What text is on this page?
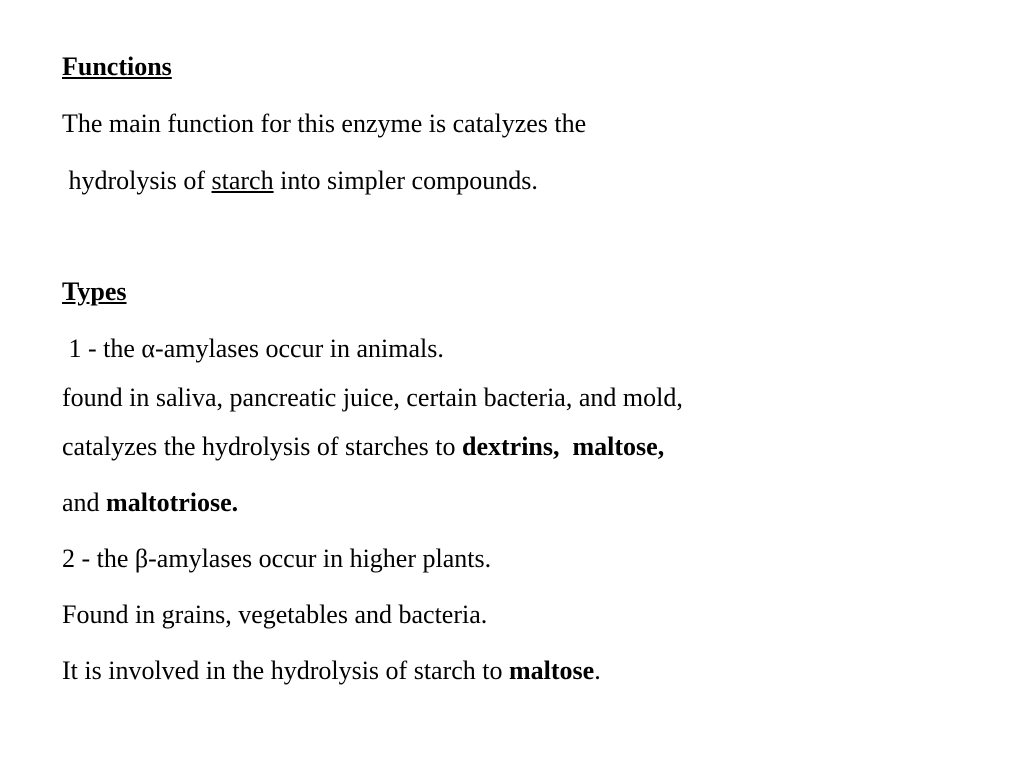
Functions
The main function for this enzyme is catalyzes the
hydrolysis of starch into simpler compounds.
Types
1 - the α-amylases occur in animals.
found in saliva, pancreatic juice, certain bacteria, and mold,
catalyzes the hydrolysis of starches to dextrins,  maltose,
and maltotriose.
2 - the β-amylases occur in higher plants.
Found in grains, vegetables and bacteria.
It is involved in the hydrolysis of starch to maltose.
